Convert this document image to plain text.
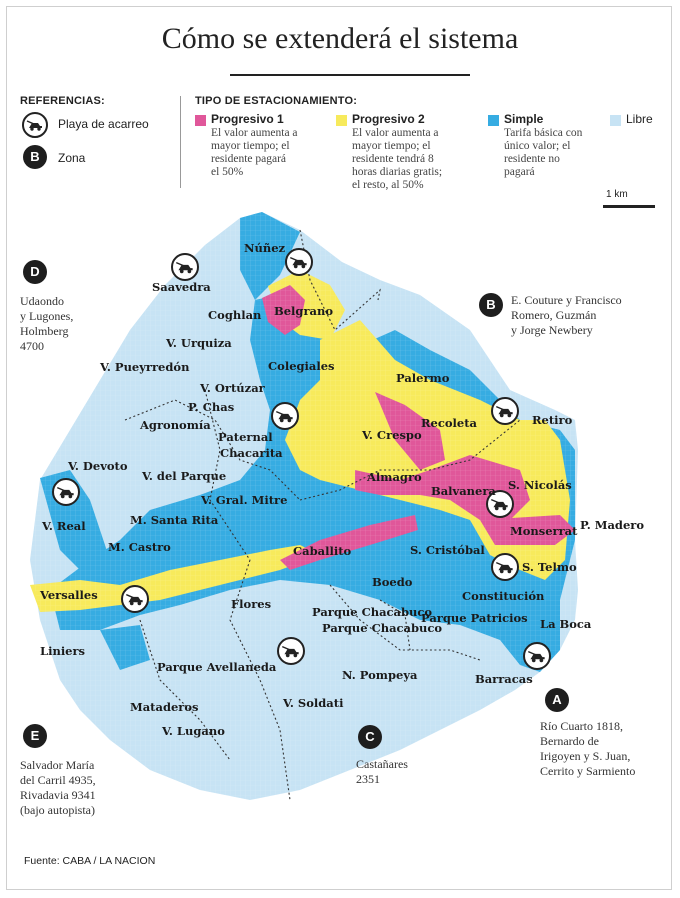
Cómo se extenderá el sistema
REFERENCIAS:
Playa de acarreo
B	Zona
TIPO DE ESTACIONAMIENTO:
Progresivo 1
El valor aumenta a
mayor tiempo; el
residente pagará
el 50%
Progresivo 2
El valor aumenta a
mayor tiempo; el
residente tendrá 8
horas diarias gratis;
el resto, al 50%
Simple
Tarifa básica con
único valor; el
residente no
pagará
Libre
1 km
Núñez
Saavedra
Belgrano
Coghlan
V. Urquiza
Colegiales
V. Pueyrredón
V. Ortúzar
P. Chas
Palermo
Recoleta	Retiro
Agronomía
Paternal
Chacarita
V. Crespo
V. Devoto
V. del Parque	Almagro
Balvanera S. Nicolás
V. Real
V. Gral. Mitre
M. Santa Rita
Monserrat P. Madero
M. Castro	Caballito	S. Cristóbal
S. Telmo
Versalles
Flores
Boedo
Constitución
Parque Chacabuco
Parque Chacabuco
Parque Patricios La Boca
Liniers
Parque Avellaneda
N. Pompeya	Barracas
Mataderos	V. Soldati
V. Lugano
D
Udaondo
y Lugones,
Holmberg
4700
B	E. Couture y Francisco
Romero, Guzmán
y Jorge Newbery
E
Salvador María
del Carril 4935,
Rivadavia 9341
(bajo autopista)
C
Castañares
2351
A
Río Cuarto 1818,
Bernardo de
Irigoyen y S. Juan,
Cerrito y Sarmiento
Fuente: CABA / LA NACION
